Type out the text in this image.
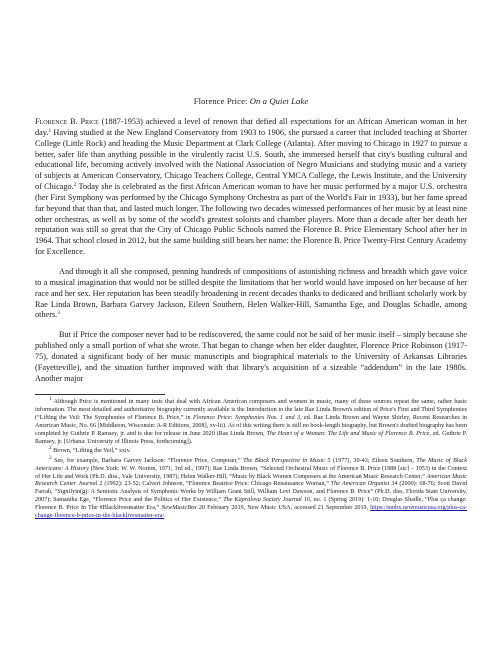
Florence Price: On a Quiet Lake

Florence B. Price (1887-1953) achieved a level of renown that defied all expectations for an African American woman in her day.$^1$ Having studied at the New England Conservatory from 1903 to 1906, she pursued a career that included teaching at Shorter College (Little Rock) and heading the Music Department at Clark College (Atlanta). After moving to Chicago in 1927 to pursue a better, safer life than anything possible in the virulently racist U.S. South, she immersed herself that city's bustling cultural and educational life, becoming actively involved with the National Association of Negro Musicians and studying music and a variety of subjects at American Conservatory, Chicago Teachers College, Central YMCA College, the Lewis Institute, and the University of Chicago.$^2$ Today she is celebrated as the first African American woman to have her music performed by a major U.S. orchestra (her First Symphony was performed by the Chicago Symphony Orchestra as part of the World's Fair in 1933), but her fame spread far beyond that than that, and lasted much longer. The following two decades witnessed performances of her music by at least nine other orchestras, as well as by some of the world's greatest soloists and chamber players. More than a decade after her death her reputation was still so great that the City of Chicago Public Schools named the Florence B. Price Elementary School after her in 1964. That school closed in 2012, but the same building still bears her name: the Florence B. Price Twenty-First Century Academy for Excellence.

And through it all she composed, penning hundreds of compositions of astonishing richness and breadth which gave voice to a musical imagination that would not be stilled despite the limitations that her world would have imposed on her because of her race and her sex. Her reputation has been steadily broadening in recent decades thanks to dedicated and brilliant scholarly work by Rae Linda Brown, Barbara Garvey Jackson, Eileen Southern, Helen Walker-Hill, Samantha Ege, and Douglas Schadle, among others.$^3$

But if Price the composer never had to be rediscovered, the same could not be said of her music itself – simply because she published only a small portion of what she wrote. That began to change when her elder daughter, Florence Price Robinson (1917-75), donated a significant body of her music manuscripts and biographical materials to the University of Arkansas Libraries (Fayetteville), and the situation further improved with that library's acquisition of a sizeable “addendum” in the late 1980s. Another major

$^1$ Although Price is mentioned in many tests that deal with African American composers and women in music, many of these sources repeat the same, rather basic information. The most detailed and authoritative biography currently available is the Introduction to the late Rae Linda Brown's edition of Price's First and Third Symphonies (“Lifting the Veil: The Symphonies of Florence B. Price,” in Florence Price: Symphonies Nos. 1 and 3, ed. Rae Linda Brown and Wayne Shirley, Recent Researches in American Music, No. 66 [Middleton, Wisconsin: A-R Editions, 2008], xv-lii). As of this writing there is still no book-length biography, but Brown's drafted biography has been completed by Guthrie P. Ramsey, jr. and is due for release in June 2020 (Rae Linda Brown, The Heart of a Woman: The Life and Music of Florence B. Price, ed. Guthrie P. Ramsey, jr. [Urbana: University of Illinois Press, forthcoming]).

$^2$ Brown, “Lifting the Veil,” xxiv.

$^3$ See, for example, Barbara Garvey Jackson: “Florence Price, Composer,” The Black Perspective in Music 5 (1977), 30-43; Eileen Southern, The Music of Black Americans: A History (New York: W. W. Norton, 1971; 3rd ed., 1997); Rae Linda Brown, “Selected Orchestral Music of Florence B. Price (1888 [sic] – 1953) in the Context of Her Life and Work (Ph.D. diss., Yale University, 1987); Helen Walker-Hill, “Music by Black Women Composers at the American Music Research Center,” American Music Research Center Journal 2 (1992): 23-52; Calvert Johnson, “Florence Beatrice Price: Chicago Renaissance Woman,” The American Organist 34 (2000): 68-76; Scott David Farrah, “Signifyin(g): A Semiotic Analysis of Symphonic Works by William Grant Still, William Levi Dawson, and Florence B. Price” (Ph.D. diss, Florida State University, 2007); Samantha Ege, “Florence Price and the Politics of Her Existence,” The Kapralova Society Journal 16, no. 1 (Spring 2019): 1-10; Douglas Shadle, “Plus ça change: Florence B. Price In The #Blacklivesmatter Era,” NewMusicBox 20 February 2019, New Music USA, accessed 21 September 2019, https://nmbx.newmusicusa.org/plus-ca-change-florence-b-price-in-the-blacklivesmatter-era/.
